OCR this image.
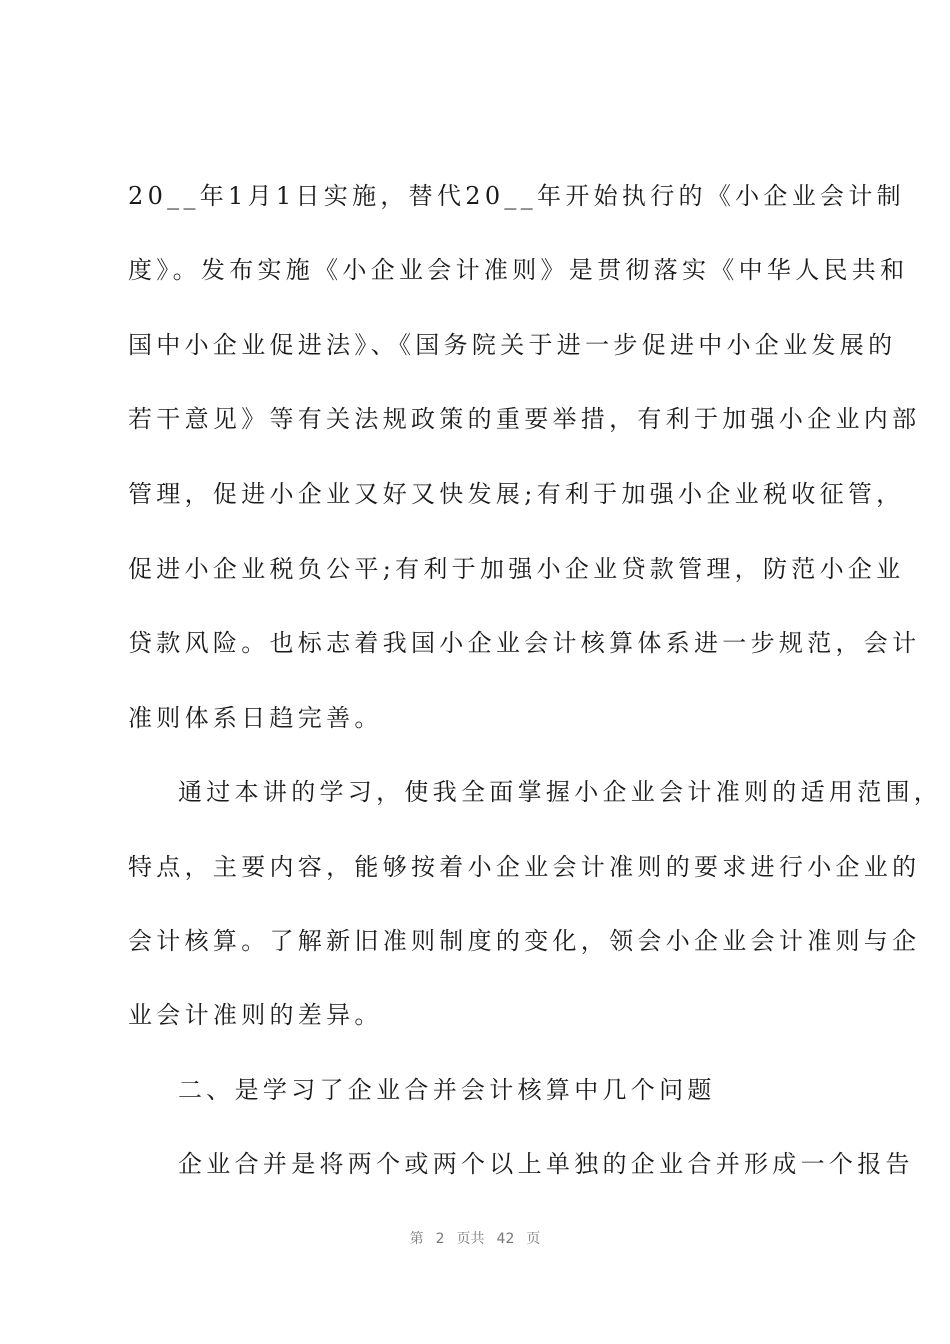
20__年1月1日实施，替代20__年开始执行的《小企业会计制
度》。发布实施《小企业会计准则》是贯彻落实《中华人民共和
国中小企业促进法》、《国务院关于进一步促进中小企业发展的
若干意见》等有关法规政策的重要举措，有利于加强小企业内部
管理，促进小企业又好又快发展;有利于加强小企业税收征管，
促进小企业税负公平;有利于加强小企业贷款管理，防范小企业
贷款风险。也标志着我国小企业会计核算体系进一步规范，会计
准则体系日趋完善。
通过本讲的学习，使我全面掌握小企业会计准则的适用范围，
特点，主要内容，能够按着小企业会计准则的要求进行小企业的
会计核算。了解新旧准则制度的变化，领会小企业会计准则与企
业会计准则的差异。
二、是学习了企业合并会计核算中几个问题
企业合并是将两个或两个以上单独的企业合并形成一个报告
第 2 页共 42 页
